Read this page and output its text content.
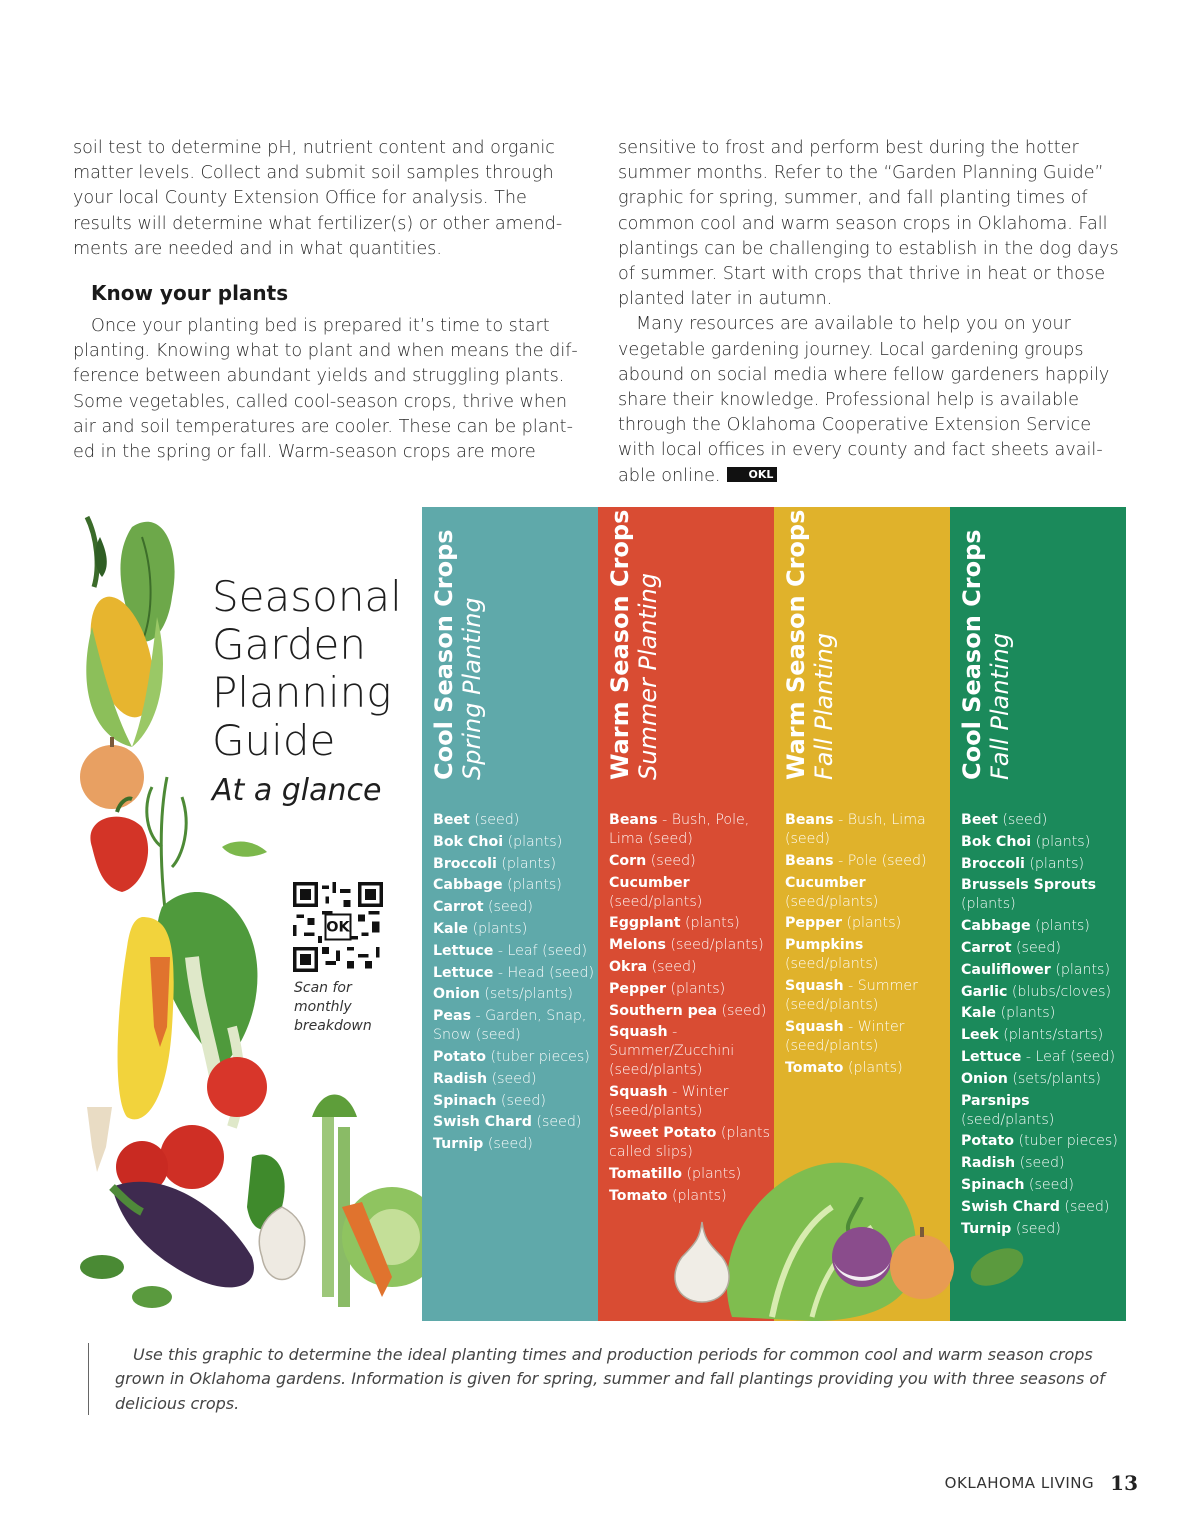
soil test to determine pH, nutrient content and organic matter levels. Collect and submit soil samples through your local County Extension Office for analysis. The results will determine what fertilizer(s) or other amend-ments are needed and in what quantities.

Know your plants

Once your planting bed is prepared it’s time to start planting. Knowing what to plant and when means the dif-ference between abundant yields and struggling plants. Some vegetables, called cool-season crops, thrive when air and soil temperatures are cooler. These can be plant-ed in the spring or fall. Warm-season crops are more

sensitive to frost and perform best during the hotter summer months. Refer to the “Garden Planning Guide” graphic for spring, summer, and fall planting times of common cool and warm season crops in Oklahoma. Fall plantings can be challenging to establish in the dog days of summer. Start with crops that thrive in heat or those planted later in autumn.

Many resources are available to help you on your vegetable gardening journey. Local gardening groups abound on social media where fellow gardeners happily share their knowledge. Professional help is available through the Oklahoma Cooperative Extension Service with local offices in every county and fact sheets avail-able online.	OKL

Seasonal Garden Planning Guide
At a glance
OK
Scan for monthly breakdown
Cool Season Crops Spring Planting
Beet (seed)
Bok Choi (plants)
Broccoli (plants)
Cabbage (plants)
Carrot (seed)
Kale (plants)
Lettuce - Leaf (seed)
Lettuce - Head (seed)
Onion (sets/plants)
Peas - Garden, Snap, Snow (seed)
Potato (tuber pieces)
Radish (seed)
Spinach (seed)
Swish Chard (seed)
Turnip (seed)
Warm Season Crops Summer Planting
Beans - Bush, Pole, Lima (seed)
Corn (seed)
Cucumber (seed/plants)
Eggplant (plants)
Melons (seed/plants)
Okra (seed)
Pepper (plants)
Southern pea (seed)
Squash - Summer/Zucchini (seed/plants)
Squash - Winter (seed/plants)
Sweet Potato (plants called slips)
Tomatillo (plants)
Tomato (plants)
Warm Season Crops Fall Planting
Beans - Bush, Lima (seed)
Beans - Pole (seed)
Cucumber (seed/plants)
Pepper (plants)
Pumpkins (seed/plants)
Squash - Summer (seed/plants)
Squash - Winter (seed/plants)
Tomato (plants)
Cool Season Crops Fall Planting
Beet (seed)
Bok Choi (plants)
Broccoli (plants)
Brussels Sprouts (plants)
Cabbage (plants)
Carrot (seed)
Cauliflower (plants)
Garlic (blubs/cloves)
Kale (plants)
Leek (plants/starts)
Lettuce - Leaf (seed)
Onion (sets/plants)
Parsnips (seed/plants)
Potato (tuber pieces)
Radish (seed)
Spinach (seed)
Swish Chard (seed)
Turnip (seed)
Use this graphic to determine the ideal planting times and production periods for common cool and warm season crops grown in Oklahoma gardens. Information is given for spring, summer and fall plantings providing you with three seasons of delicious crops.
OKLAHOMA LIVING 13
